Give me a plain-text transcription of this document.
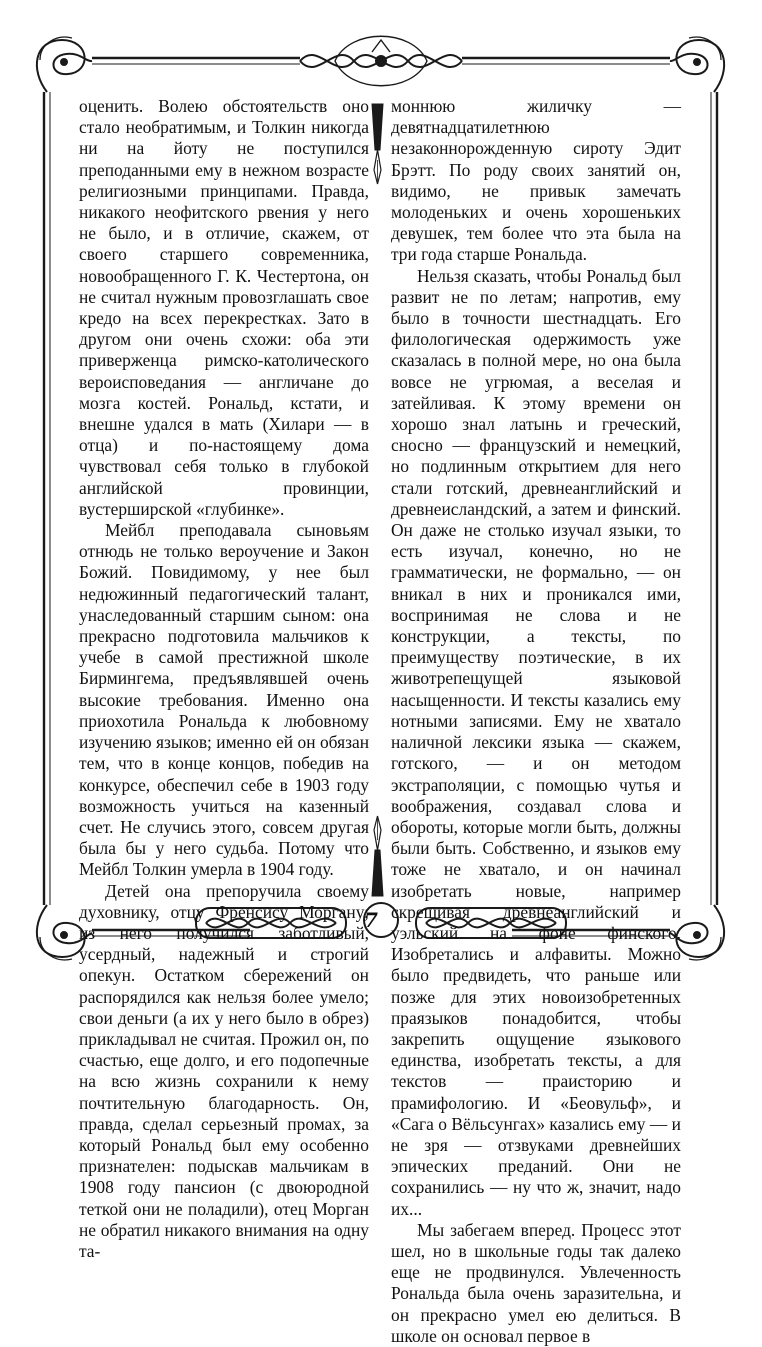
оценить. Волею обстоятельств оно стало необратимым, и Толкин никогда ни на йоту не поступился преподанными ему в нежном возрасте религиозными принципами. Правда, никакого неофитского рвения у него не было, и в отличие, скажем, от своего старшего современника, новообращенного Г. К. Честертона, он не считал нужным провозглашать свое кредо на всех перекрестках. Зато в другом они очень схожи: оба эти приверженца римско-католического вероисповедания — англичане до мозга костей. Рональд, кстати, и внешне удался в мать (Хилари — в отца) и по-настоящему дома чувствовал себя только в глубокой английской провинции, вустерширской «глубинке».

Мейбл преподавала сыновьям отнюдь не только вероучение и Закон Божий. Повидимому, у нее был недюжинный педагогический талант, унаследованный старшим сыном: она прекрасно подготовила мальчиков к учебе в самой престижной школе Бирмингема, предъявлявшей очень высокие требования. Именно она приохотила Рональда к любовному изучению языков; именно ей он обязан тем, что в конце концов, победив на конкурсе, обеспечил себе в 1903 году возможность учиться на казенный счет. Не случись этого, совсем другая была бы у него судьба. Потому что Мейбл Толкин умерла в 1904 году.

Детей она препоручила своему духовнику, отцу Френсису Моргану; из него получился заботливый, усердный, надежный и строгий опекун. Остатком сбережений он распорядился как нельзя более умело; свои деньги (а их у него было в обрез) прикладывал не считая. Прожил он, по счастью, еще долго, и его подопечные на всю жизнь сохранили к нему почтительную благодарность. Он, правда, сделал серьезный промах, за который Рональд был ему особенно признателен: подыскав мальчикам в 1908 году пансион (с двоюродной теткой они не поладили), отец Морган не обратил никакого внимания на одну та-

моннюю жиличку — девятнадцатилетнюю незаконнорожденную сироту Эдит Брэтт. По роду своих занятий он, видимо, не привык замечать молоденьких и очень хорошеньких девушек, тем более что эта была на три года старше Рональда.

Нельзя сказать, чтобы Рональд был развит не по летам; напротив, ему было в точности шестнадцать. Его филологическая одержимость уже сказалась в полной мере, но она была вовсе не угрюмая, а веселая и затейливая. К этому времени он хорошо знал латынь и греческий, сносно — французский и немецкий, но подлинным открытием для него стали готский, древнеанглийский и древнеисландский, а затем и финский. Он даже не столько изучал языки, то есть изучал, конечно, но не грамматически, не формально, — он вникал в них и проникался ими, воспринимая не слова и не конструкции, а тексты, по преимуществу поэтические, в их животрепещущей языковой насыщенности. И тексты казались ему нотными записями. Ему не хватало наличной лексики языка — скажем, готского, — и он методом экстраполяции, с помощью чутья и воображения, создавал слова и обороты, которые могли быть, должны были быть. Собственно, и языков ему тоже не хватало, и он начинал изобретать новые, например скрещивая древнеанглийский и уэльский на фоне финского. Изобретались и алфавиты. Можно было предвидеть, что раньше или позже для этих новоизобретенных праязыков понадобится, чтобы закрепить ощущение языкового единства, изобретать тексты, а для текстов — праисторию и прамифологию. И «Беовульф», и «Сага о Вёльсунгах» казались ему — и не зря — отзвуками древнейших эпических преданий. Они не сохранились — ну что ж, значит, надо их...

Мы забегаем вперед. Процесс этот шел, но в школьные годы так далеко еще не продвинулся. Увлеченность Рональда была очень заразительна, и он прекрасно умел ею делиться. В школе он основал первое в

7
